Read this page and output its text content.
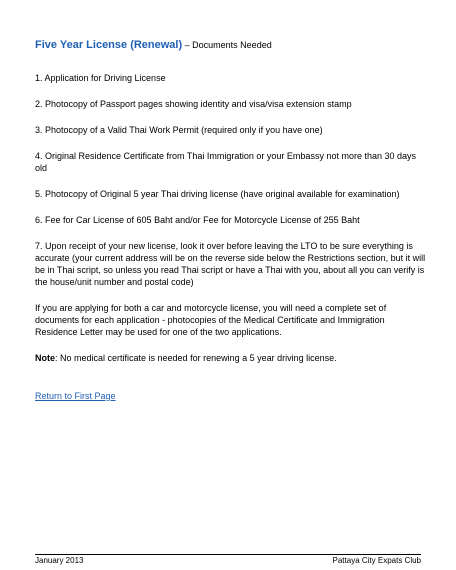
Five Year License (Renewal) – Documents Needed
1. Application for Driving License
2. Photocopy of Passport pages showing identity and visa/visa extension stamp
3. Photocopy of a Valid Thai Work Permit (required only if you have one)
4. Original Residence Certificate from Thai Immigration or your Embassy not more than 30 days old
5. Photocopy of Original 5 year Thai driving license (have original available for examination)
6. Fee for Car License of 605 Baht and/or Fee for Motorcycle License of 255 Baht
7. Upon receipt of your new license, look it over before leaving the LTO to be sure everything is accurate (your current address will be on the reverse side below the Restrictions section, but it will be in Thai script, so unless you read Thai script or have a Thai with you, about all you can verify is the house/unit number and postal code)
If you are applying for both a car and motorcycle license, you will need a complete set of documents for each application - photocopies of the Medical Certificate and Immigration Residence Letter may be used for one of the two applications.
Note: No medical certificate is needed for renewing a 5 year driving license.
Return to First Page
January 2013	Pattaya City Expats Club
